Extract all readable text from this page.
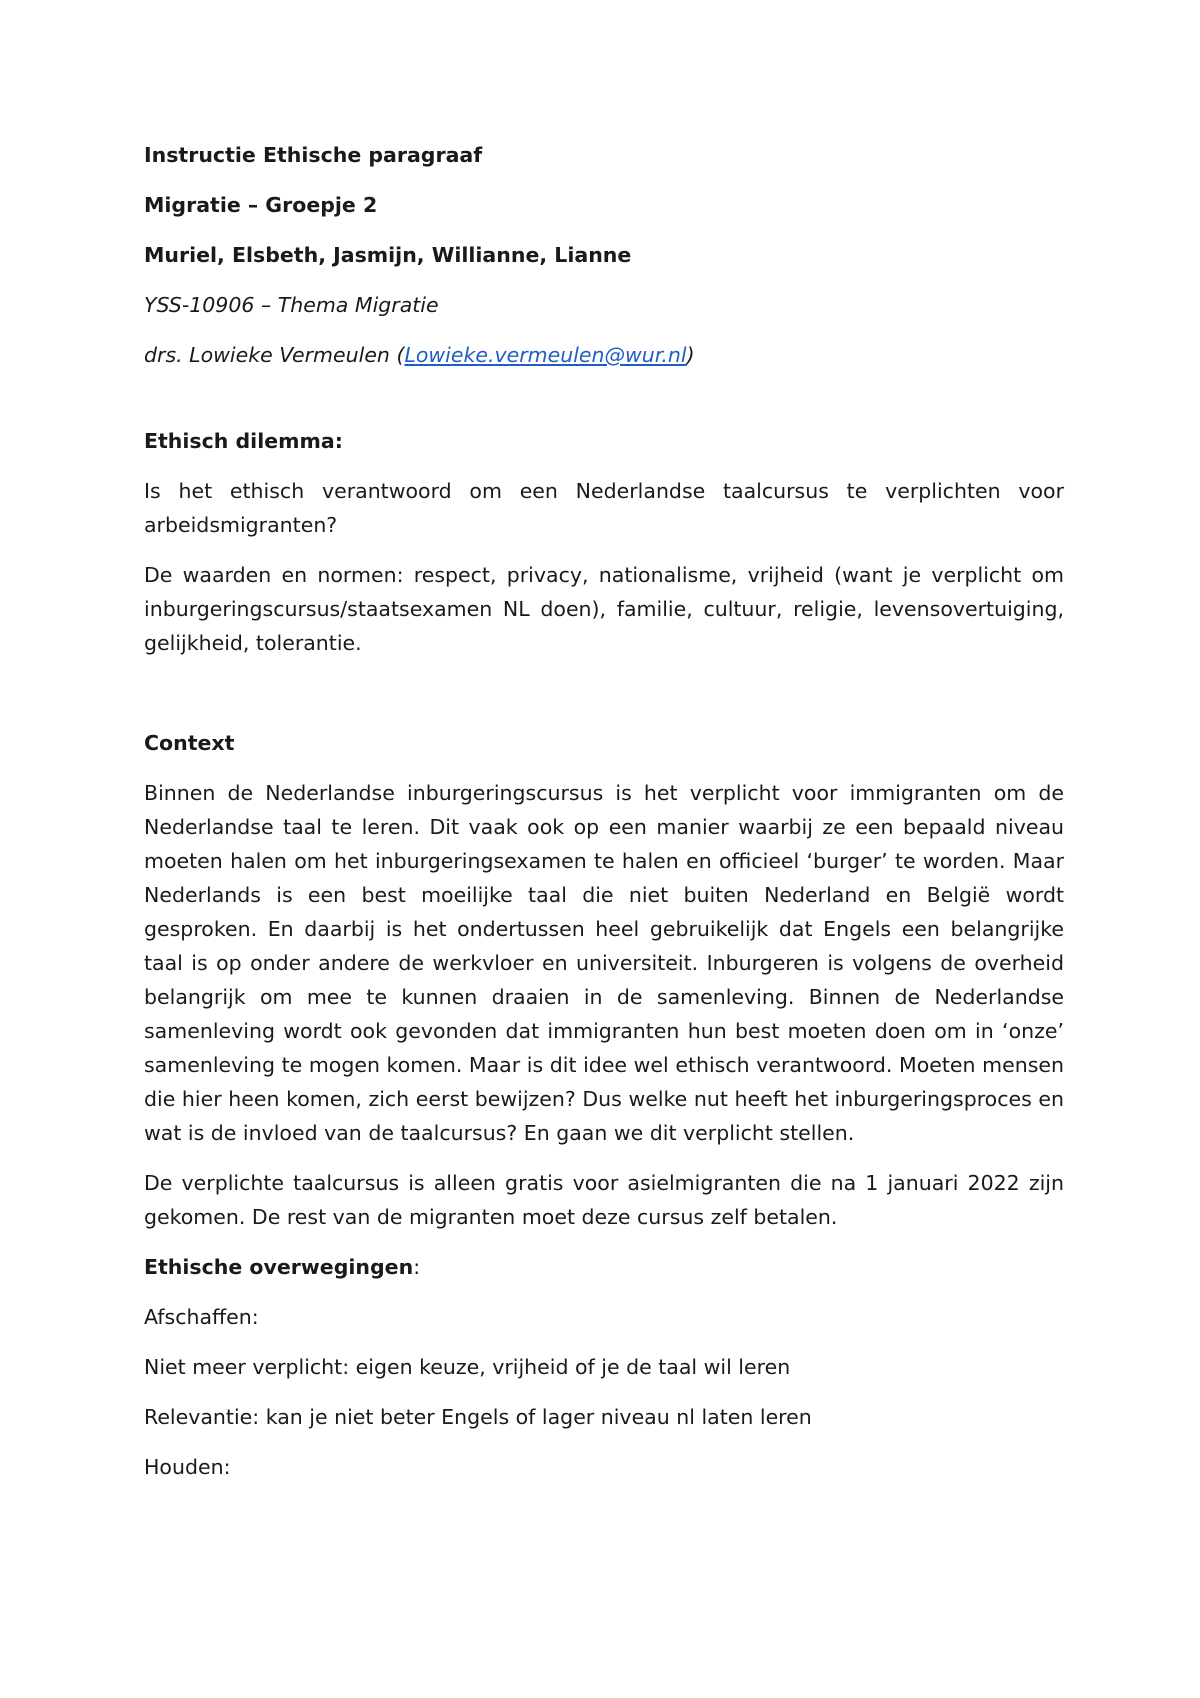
Instructie Ethische paragraaf

Migratie – Groepje 2

Muriel, Elsbeth, Jasmijn, Willianne, Lianne

YSS-10906 – Thema Migratie

drs. Lowieke Vermeulen (Lowieke.vermeulen@wur.nl)

Ethisch dilemma:

Is het ethisch verantwoord om een Nederlandse taalcursus te verplichten voor arbeidsmigranten?

De waarden en normen: respect, privacy, nationalisme, vrijheid (want je verplicht om inburgeringscursus/staatsexamen NL doen), familie, cultuur, religie, levensovertuiging, gelijkheid, tolerantie.

Context

Binnen de Nederlandse inburgeringscursus is het verplicht voor immigranten om de Nederlandse taal te leren. Dit vaak ook op een manier waarbij ze een bepaald niveau moeten halen om het inburgeringsexamen te halen en officieel ‘burger’ te worden. Maar Nederlands is een best moeilijke taal die niet buiten Nederland en België wordt gesproken. En daarbij is het ondertussen heel gebruikelijk dat Engels een belangrijke taal is op onder andere de werkvloer en universiteit. Inburgeren is volgens de overheid belangrijk om mee te kunnen draaien in de samenleving. Binnen de Nederlandse samenleving wordt ook gevonden dat immigranten hun best moeten doen om in ‘onze’ samenleving te mogen komen. Maar is dit idee wel ethisch verantwoord. Moeten mensen die hier heen komen, zich eerst bewijzen? Dus welke nut heeft het inburgeringsproces en wat is de invloed van de taalcursus? En gaan we dit verplicht stellen.

De verplichte taalcursus is alleen gratis voor asielmigranten die na 1 januari 2022 zijn gekomen. De rest van de migranten moet deze cursus zelf betalen.

Ethische overwegingen:

Afschaffen:

Niet meer verplicht: eigen keuze, vrijheid of je de taal wil leren

Relevantie: kan je niet beter Engels of lager niveau nl laten leren

Houden:
